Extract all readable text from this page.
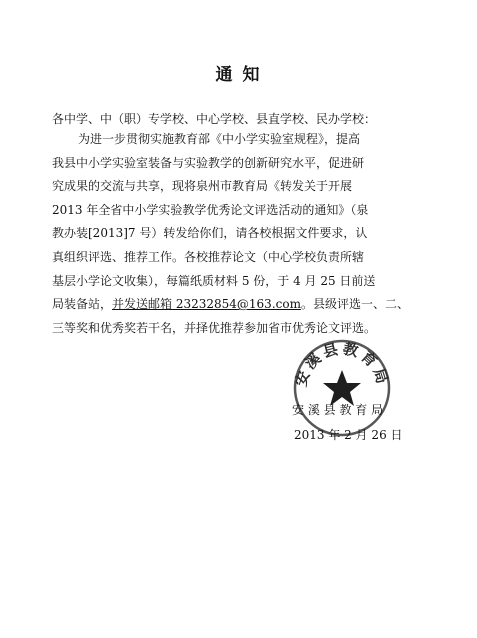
通 知
各中学、中（职）专学校、中心学校、县直学校、民办学校：
为进一步贯彻实施教育部《中小学实验室规程》，提高
我县中小学实验室装备与实验教学的创新研究水平，促进研
究成果的交流与共享，现将泉州市教育局《转发关于开展
2013 年全省中小学实验教学优秀论文评选活动的通知》（泉
教办装[2013]7 号）转发给你们，请各校根据文件要求，认
真组织评选、推荐工作。各校推荐论文（中心学校负责所辖
基层小学论文收集），每篇纸质材料 5 份，于 4 月 25 日前送
局装备站，并发送邮箱 23232854@163.com。县级评选一、二、
三等奖和优秀奖若干名，并择优推荐参加省市优秀论文评选。
安溪县教育局
安 溪 县 教 育 局
2013 年 2 月 26 日
